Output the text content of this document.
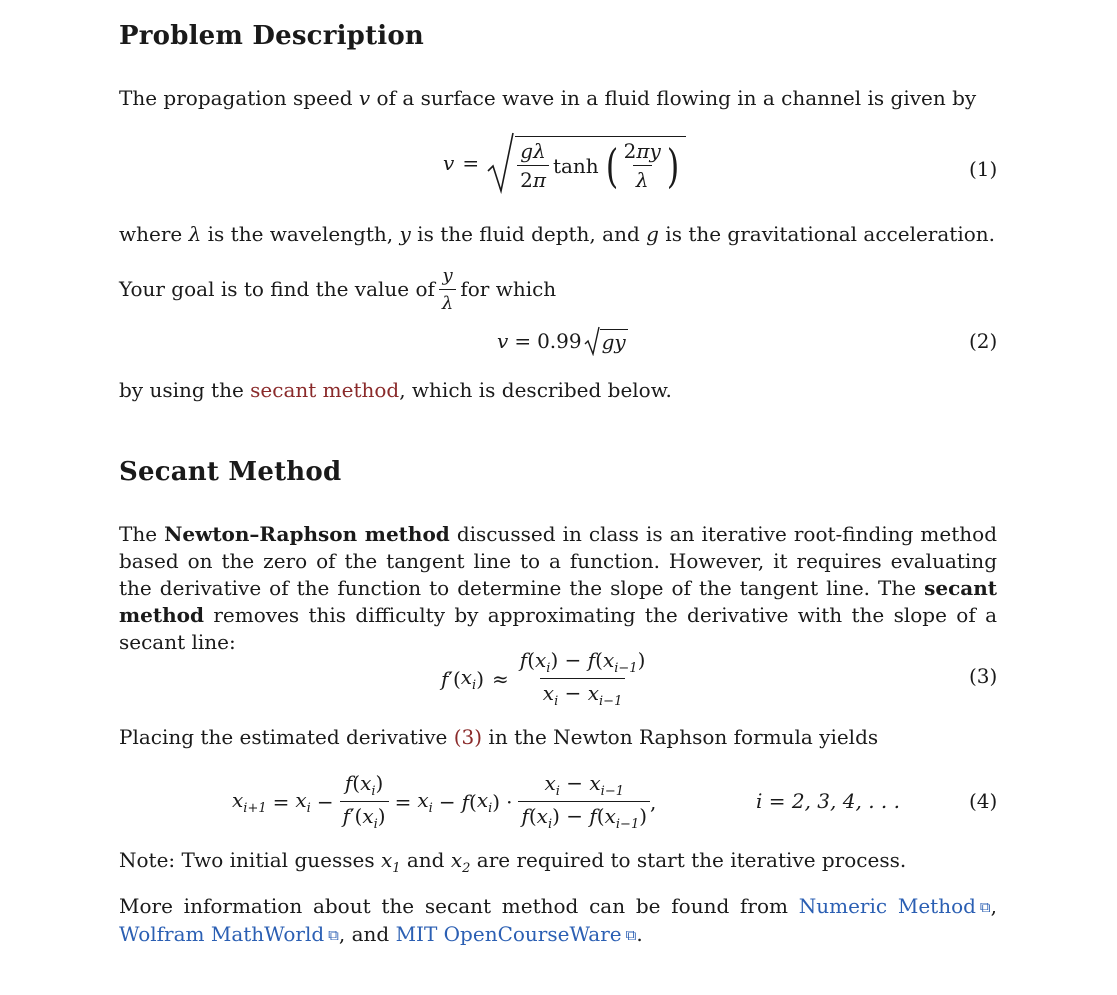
Problem Description
The propagation speed v of a surface wave in a fluid flowing in a channel is given by
$v = \frac{g\lambda}{2\pi}$ tanh ( $\frac{2\pi y}{\lambda}$ )	(1)
where λ is the wavelength, y is the fluid depth, and g is the gravitational acceleration.
Your goal is to find the value of $\frac{y}{\lambda}$ for which
v = 0.99 gy	(2)
by using the secant method, which is described below.
Secant Method
The Newton–Raphson method discussed in class is an iterative root-finding method based on the zero of the tangent line to a function. However, it requires evaluating the derivative of the function to determine the slope of the tangent line. The secant method removes this difficulty by approximating the derivative with the slope of a secant line:
f ′( $x_i$ ) ≈ $\frac{f(x_i) - f(x_{i-1})}{x_i - x_{i-1}}$	(3)
Placing the estimated derivative (3) in the Newton Raphson formula yields
$x_{i+1} = x_i - \frac{f(x_i)}{f'(x_i)} = x_i - f$ ( $x_i$ ) · $\frac{x_i - x_{i-1}}{f(x_i) - f(x_{i-1})}$ ,	i = 2, 3, 4, . . .	(4)
Note: Two initial guesses $x_1$ and $x_2$ are required to start the iterative process.
More information about the secant method can be found from Numeric Method ⧉, Wolfram MathWorld ⧉, and MIT OpenCourseWare ⧉.
